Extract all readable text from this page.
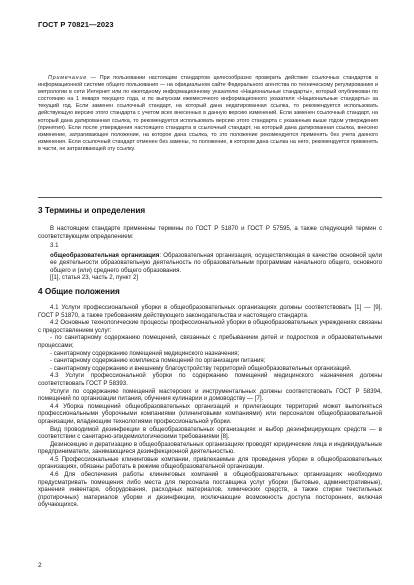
ГОСТ Р 70821—2023

Примечание — При пользовании настоящим стандартом целесообразно проверить действие ссылочных стандартов в информационной системе общего пользования — на официальном сайте Федерального агентства по техническому регулированию и метрологии в сети Интернет или по ежегодному информационному указателю «Национальные стандарты», который опубликован по состоянию на 1 января текущего года, и по выпускам ежемесячного информационного указателя «Национальные стандарты» за текущий год. Если заменен ссылочный стандарт, на который дана недатированная ссылка, то рекомендуется использовать действующую версию этого стандарта с учетом всех внесенных в данную версию изменений. Если заменен ссылочный стандарт, на который дана датированная ссылка, то рекомендуется использовать версию этого стандарта с указанным выше годом утверждения (принятия). Если после утверждения настоящего стандарта в ссылочный стандарт, на который дана датированная ссылка, внесено изменение, затрагивающее положение, на которое дана ссылка, то это положение рекомендуется применять без учета данного изменения. Если ссылочный стандарт отменен без замены, то положение, в котором дана ссылка на него, рекомендуется применять в части, не затрагивающей эту ссылку.

3 Термины и определения

В настоящем стандарте применены термины по ГОСТ Р 51870 и ГОСТ Р 57595, а также следующий термин с соответствующим определением:

3.1
общеобразовательная организация: Образовательная организация, осуществляющая в качестве основной цели ее деятельности образовательную деятельность по образовательным программам начального общего, основного общего и (или) среднего общего образования.
[[1], статья 23, часть 2, пункт 2]
4 Общие положения

4.1 Услуги профессиональной уборки в общеобразовательных организациях должны соответствовать [1] — [9], ГОСТ Р 51870, а также требованиям действующего законодательства и настоящего стандарта.

4.2 Основные технологические процессы профессиональной уборки в общеобразовательных учреждениях связаны с предоставлением услуг:

- по санитарному содержанию помещений, связанных с пребыванием детей и подростков и образовательными процессами;

- санитарному содержанию помещений медицинского назначения;

- санитарному содержанию комплекса помещений по организации питания;

- санитарному содержанию и внешнему благоустройству территорий общеобразовательных организаций.

4.3 Услуги профессиональной уборки по содержанию помещений медицинского назначения должны соответствовать ГОСТ Р 58393.

Услуги по содержанию помещений мастерских и инструментальных должны соответствовать ГОСТ Р 58394, помещений по организации питания, обучения кулинарии и домоводству — [7].

4.4 Уборка помещений общеобразовательных организаций и прилегающих территорий может выполняться профессиональными уборочными компаниями (клининговыми компаниями) или персоналом общеобразовательной организации, владеющим технологиями профессиональной уборки.

Вид проводимой дезинфекции в общеобразовательных организациях и выбор дезинфицирующих средств — в соответствии с санитарно-эпидемиологическими требованиями [8].

Дезинсекцию и дератизацию в общеобразовательных организациях проводят юридические лица и индивидуальные предприниматели, занимающиеся дезинфекционной деятельностью.

4.5 Профессиональные клининговые компании, привлекаемые для проведения уборки в общеобразовательных организациях, обязаны работать в режиме общеобразовательной организации.

4.6 Для обеспечения работы клининговых компаний в общеобразовательных организациях необходимо предусматривать помещения либо места для персонала поставщика услуг уборки (бытовые, административные), хранения инвентаря, оборудования, расходных материалов, химических средств, а также стирки текстильных (протирочных) материалов уборки и дезинфекции, исключающие возможность доступа посторонних, включая обучающихся.

2
